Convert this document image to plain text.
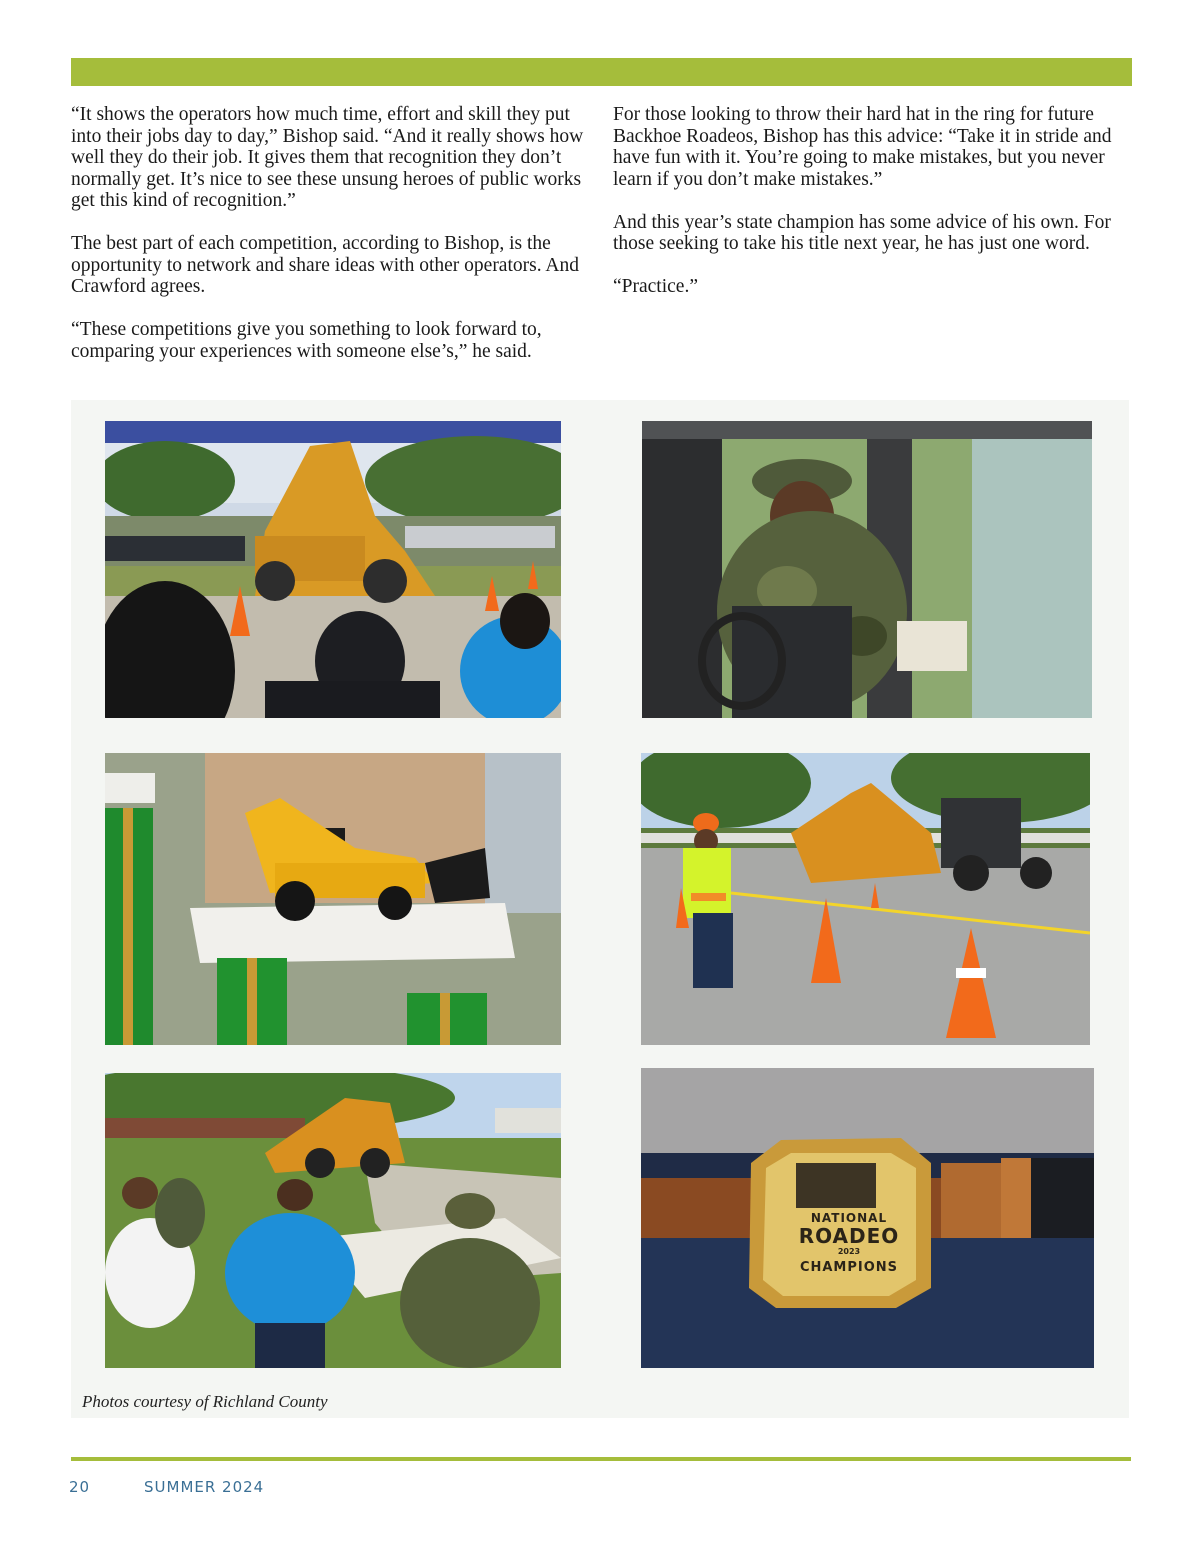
“It shows the operators how much time, effort and skill they put into their jobs day to day,” Bishop said. “And it really shows how well they do their job. It gives them that recognition they don’t normally get. It’s nice to see these unsung heroes of public works get this kind of recognition.”

The best part of each competition, according to Bishop, is the opportunity to network and share ideas with other operators. And Crawford agrees.

“These competitions give you something to look forward to, comparing your experiences with someone else’s,” he said.

For those looking to throw their hard hat in the ring for future Backhoe Roadeos, Bishop has this advice: “Take it in stride and have fun with it. You’re going to make mistakes, but you never learn if you don’t make mistakes.”

And this year’s state champion has some advice of his own. For those seeking to take his title next year, he has just one word.

“Practice.”

NATIONAL
ROADEO
2023
CHAMPIONS
Photos courtesy of Richland County
20	SUMMER 2024
